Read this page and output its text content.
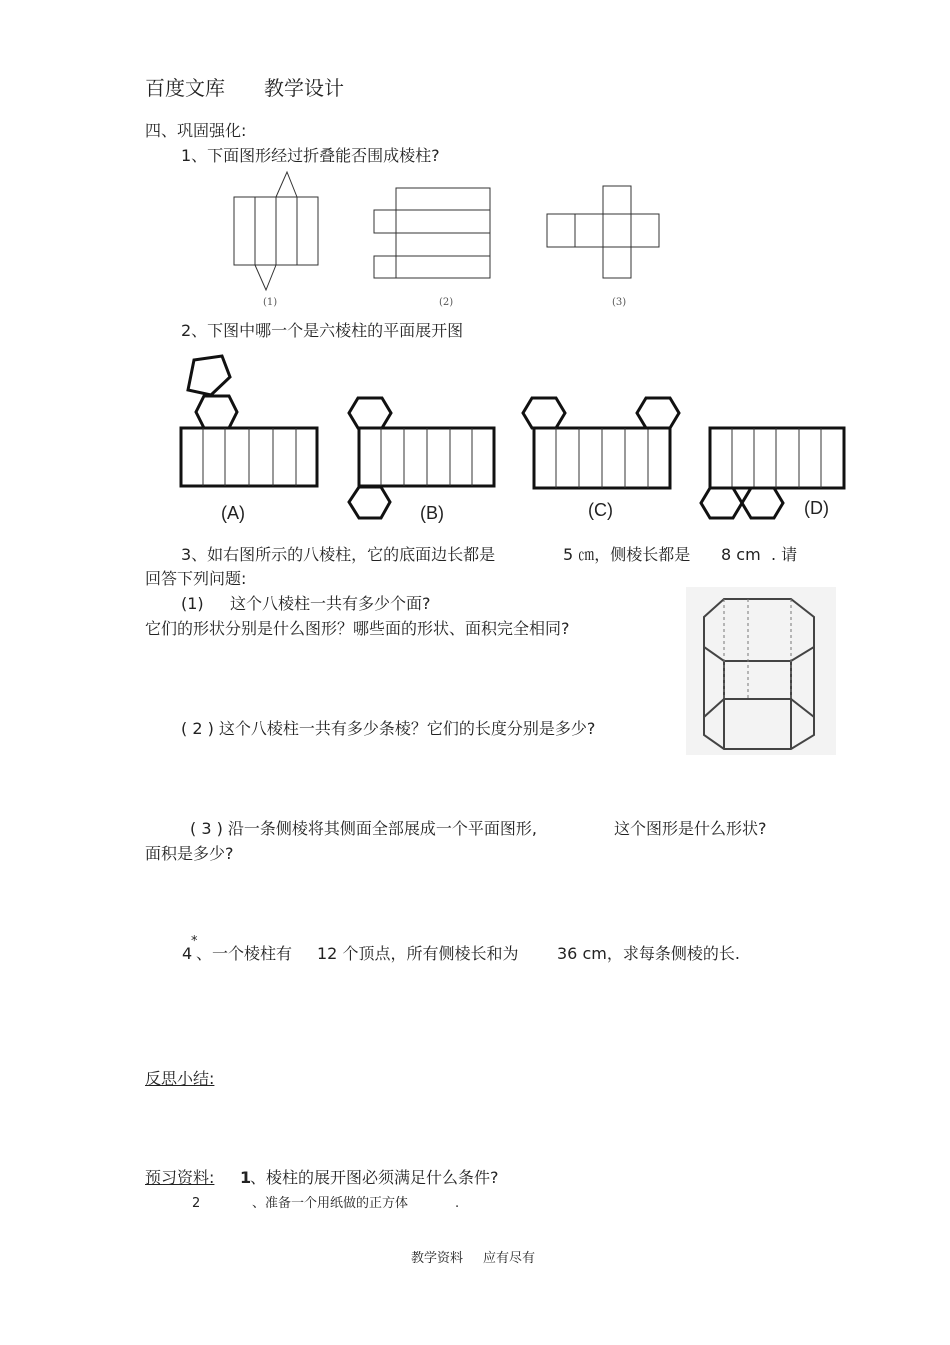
百度文库 教学设计
四、巩固强化:
1、下面图形经过折叠能否围成棱柱?
(1)	(2)	(3)
2、下图中哪一个是六棱柱的平面展开图
(A)	(B)	(C)	(D)
3、如右图所示的八棱柱，它的底面边长都是	5 ㎝，侧棱长都是 8 cm . 请
回答下列问题:
(1) 这个八棱柱一共有多少个面?
它们的形状分别是什么图形？哪些面的形状、面积完全相同?
( 2 ) 这个八棱柱一共有多少条棱？它们的长度分别是多少?
( 3 ) 沿一条侧棱将其侧面全部展成一个平面图形,	这个图形是什么形状?
面积是多少?
4
*
、一个棱柱有 12 个顶点，所有侧棱长和为 36 cm，求每条侧棱的长.
反思小结:
预习资料:	1
、棱柱的展开图必须满足什么条件?
2	、准备一个用纸做的正方体	.
教学资料 应有尽有
